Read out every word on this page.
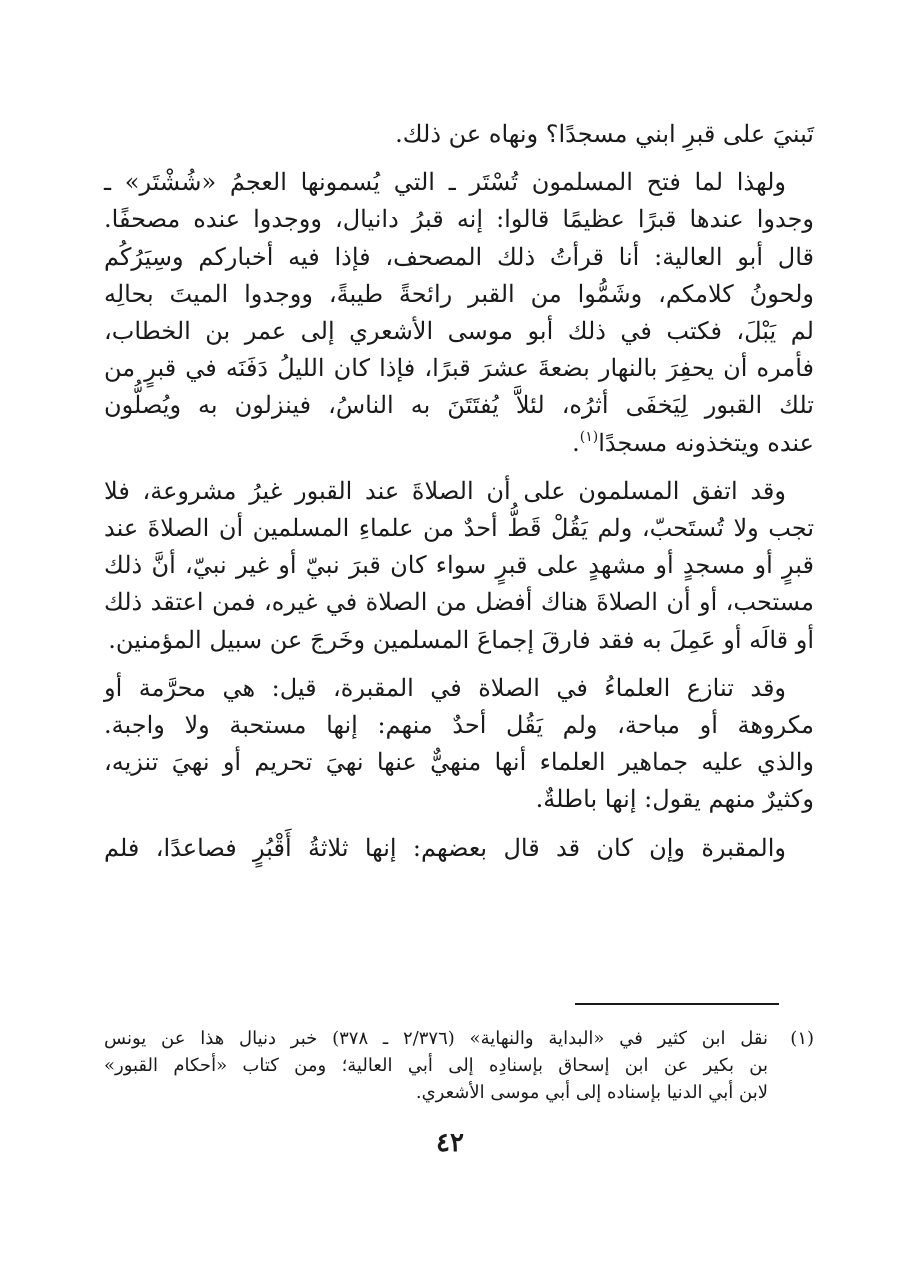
تَبنيَ على قبرِ ابني مسجدًا؟ ونهاه عن ذلك.

ولهذا لما فتح المسلمون تُسْتَر ـ التي يُسمونها العجمُ «شُشْتَر» ـ
وجدوا عندها قبرًا عظيمًا قالوا: إنه قبرُ دانيال، ووجدوا عنده مصحفًا.
قال أبو العالية: أنا قرأتُ ذلك المصحف، فإذا فيه أخباركم وسِيَرُكُم
ولحونُ كلامكم، وشَمُّوا من القبر رائحةً طيبةً، ووجدوا الميتَ بحالِه
لم يَبْلَ، فكتب في ذلك أبو موسى الأشعري إلى عمر بن الخطاب،
فأمره أن يحفِرَ بالنهار بضعةَ عشرَ قبرًا، فإذا كان الليلُ دَفَنَه في قبرٍ من
تلك القبور لِيَخفَى أثرُه، لئلاَّ يُفتَتَنَ به الناسُ، فينزلون به ويُصلُّون
عنده ويتخذونه مسجدًا$^{(١)}$.

وقد اتفق المسلمون على أن الصلاةَ عند القبور غيرُ مشروعة، فلا
تجب ولا تُستَحبّ، ولم يَقُلْ قَطُّ أحدٌ من علماءِ المسلمين أن الصلاةَ عند
قبرٍ أو مسجدٍ أو مشهدٍ على قبرٍ سواء كان قبرَ نبيّ أو غير نبيّ، أنَّ ذلك
مستحب، أو أن الصلاةَ هناك أفضل من الصلاة في غيره، فمن اعتقد ذلك
أو قالَه أو عَمِلَ به فقد فارقَ إجماعَ المسلمين وخَرجَ عن سبيل المؤمنين.

وقد تنازع العلماءُ في الصلاة في المقبرة، قيل: هي محرَّمة أو
مكروهة أو مباحة، ولم يَقُل أحدٌ منهم: إنها مستحبة ولا واجبة.
والذي عليه جماهير العلماء أنها منهيٌّ عنها نهيَ تحريم أو نهيَ تنزيه،
وكثيرٌ منهم يقول: إنها باطلةٌ.

والمقبرة وإن كان قد قال بعضهم: إنها ثلاثةُ أَقْبُرٍ فصاعدًا، فلم

(١)نقل ابن كثير في «البداية والنهاية» (٢/٣٧٦ ـ ٣٧٨) خبر دنيال هذا عن يونس
بن بكير عن ابن إسحاق بإسنادِه إلى أبي العالية؛ ومن كتاب «أحكام القبور»
لابن أبي الدنيا بإسناده إلى أبي موسى الأشعري.
٤٢
